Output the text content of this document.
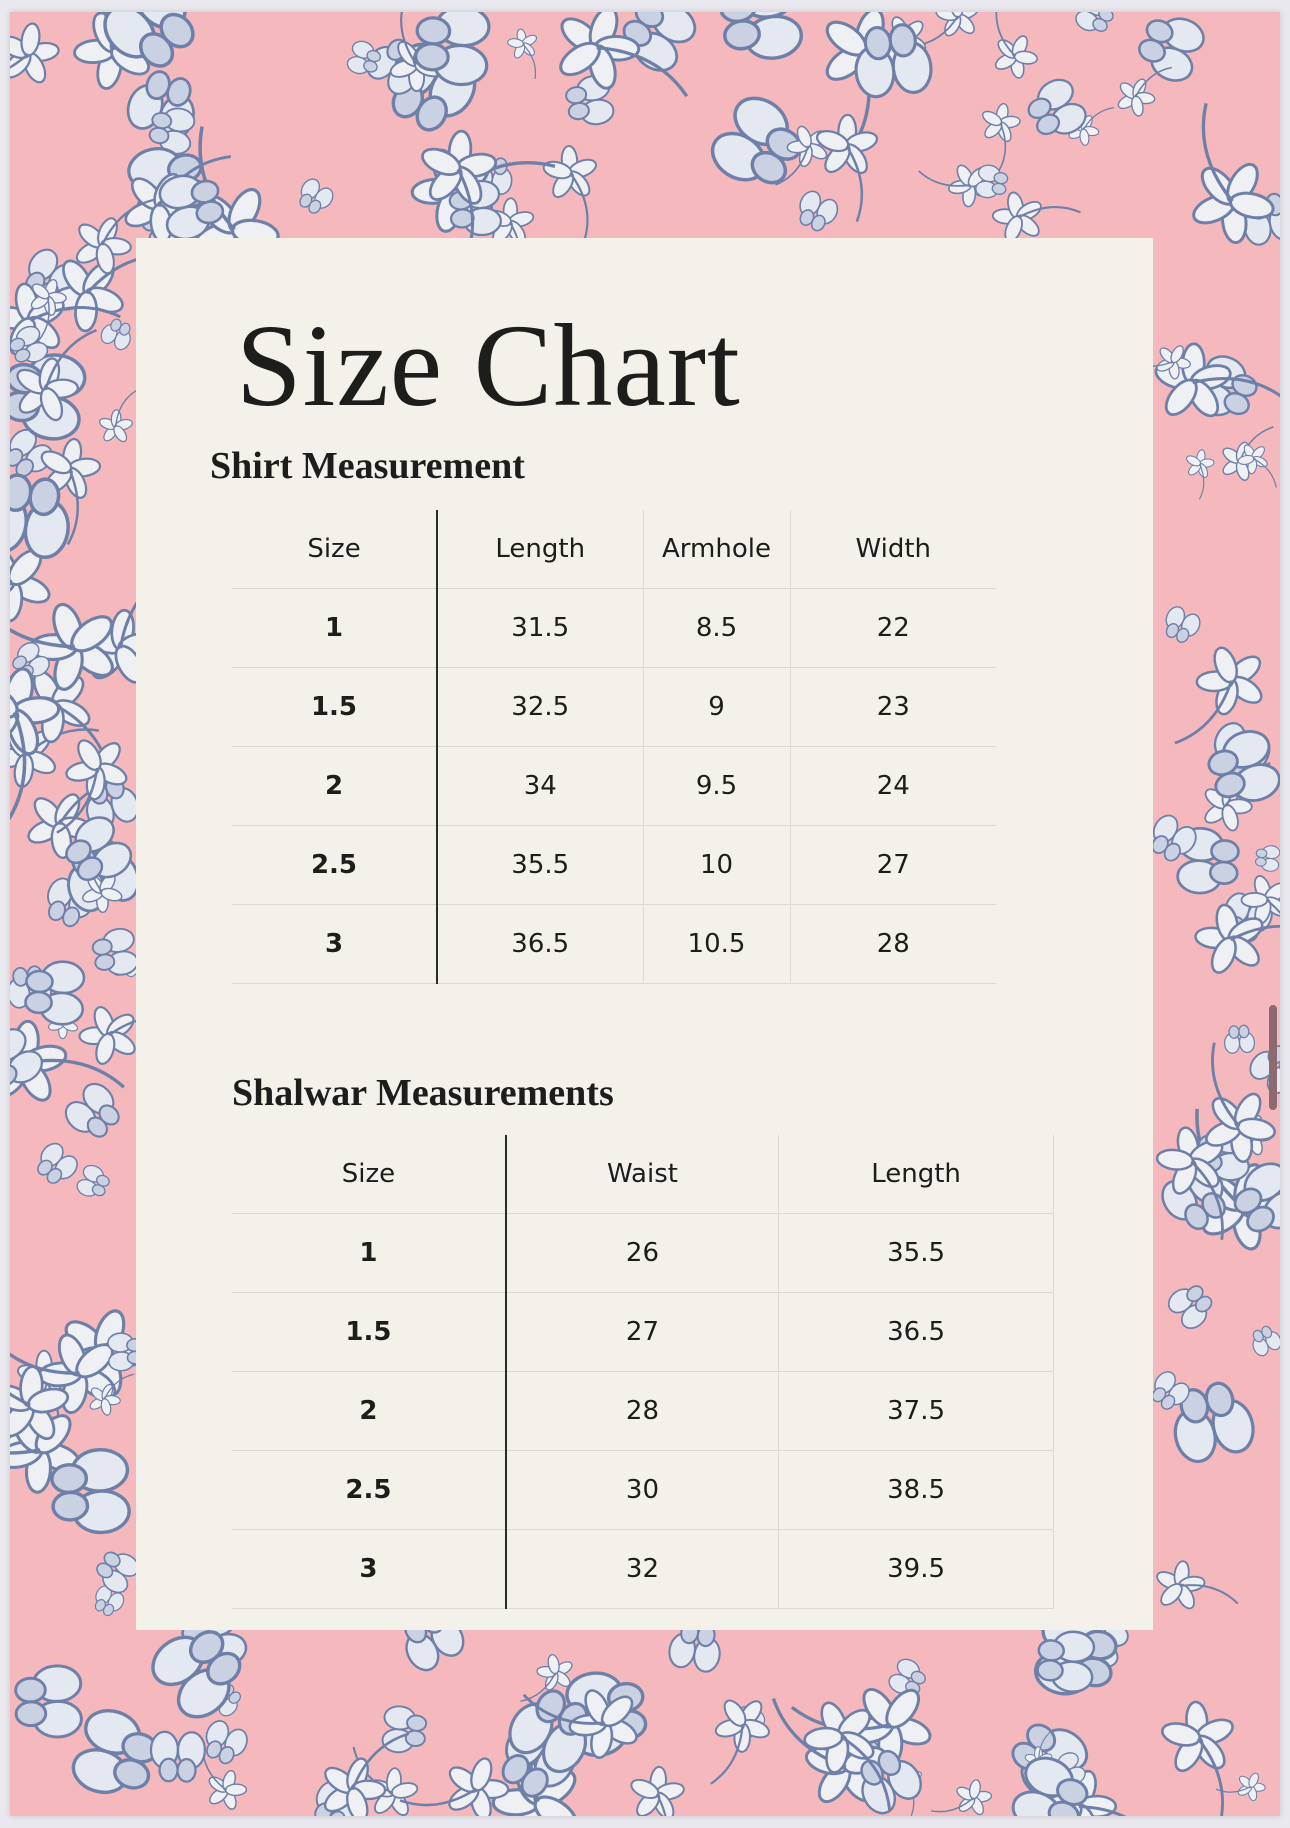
Size Chart
Shirt Measurement
Size	Length	Armhole	Width
1	31.5	8.5	22
1.5	32.5	9	23
2	34	9.5	24
2.5	35.5	10	27
3	36.5	10.5	28
Shalwar Measurements
Size	Waist	Length
1	26	35.5
1.5	27	36.5
2	28	37.5
2.5	30	38.5
3	32	39.5
